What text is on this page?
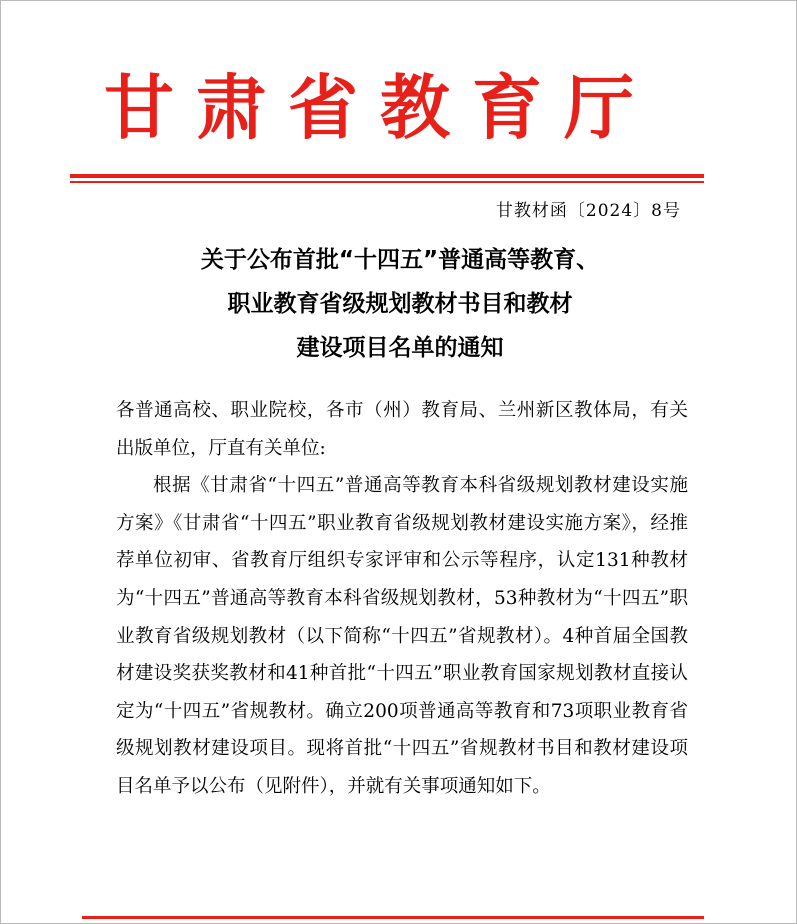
甘肃省教育厅
甘教材函〔2024〕8号
关于公布首批“十四五”普通高等教育、
职业教育省级规划教材书目和教材
建设项目名单的通知

各普通高校、职业院校，各市（州）教育局、兰州新区教体局，有关出版单位，厅直有关单位:

根据《甘肃省“十四五”普通高等教育本科省级规划教材建设实施方案》《甘肃省“十四五”职业教育省级规划教材建设实施方案》，经推荐单位初审、省教育厅组织专家评审和公示等程序，认定131种教材为“十四五”普通高等教育本科省级规划教材，53种教材为“十四五”职业教育省级规划教材（以下简称“十四五”省规教材）。4种首届全国教材建设奖获奖教材和41种首批“十四五”职业教育国家规划教材直接认定为“十四五”省规教材。确立200项普通高等教育和73项职业教育省级规划教材建设项目。现将首批“十四五”省规教材书目和教材建设项目名单予以公布（见附件），并就有关事项通知如下。
